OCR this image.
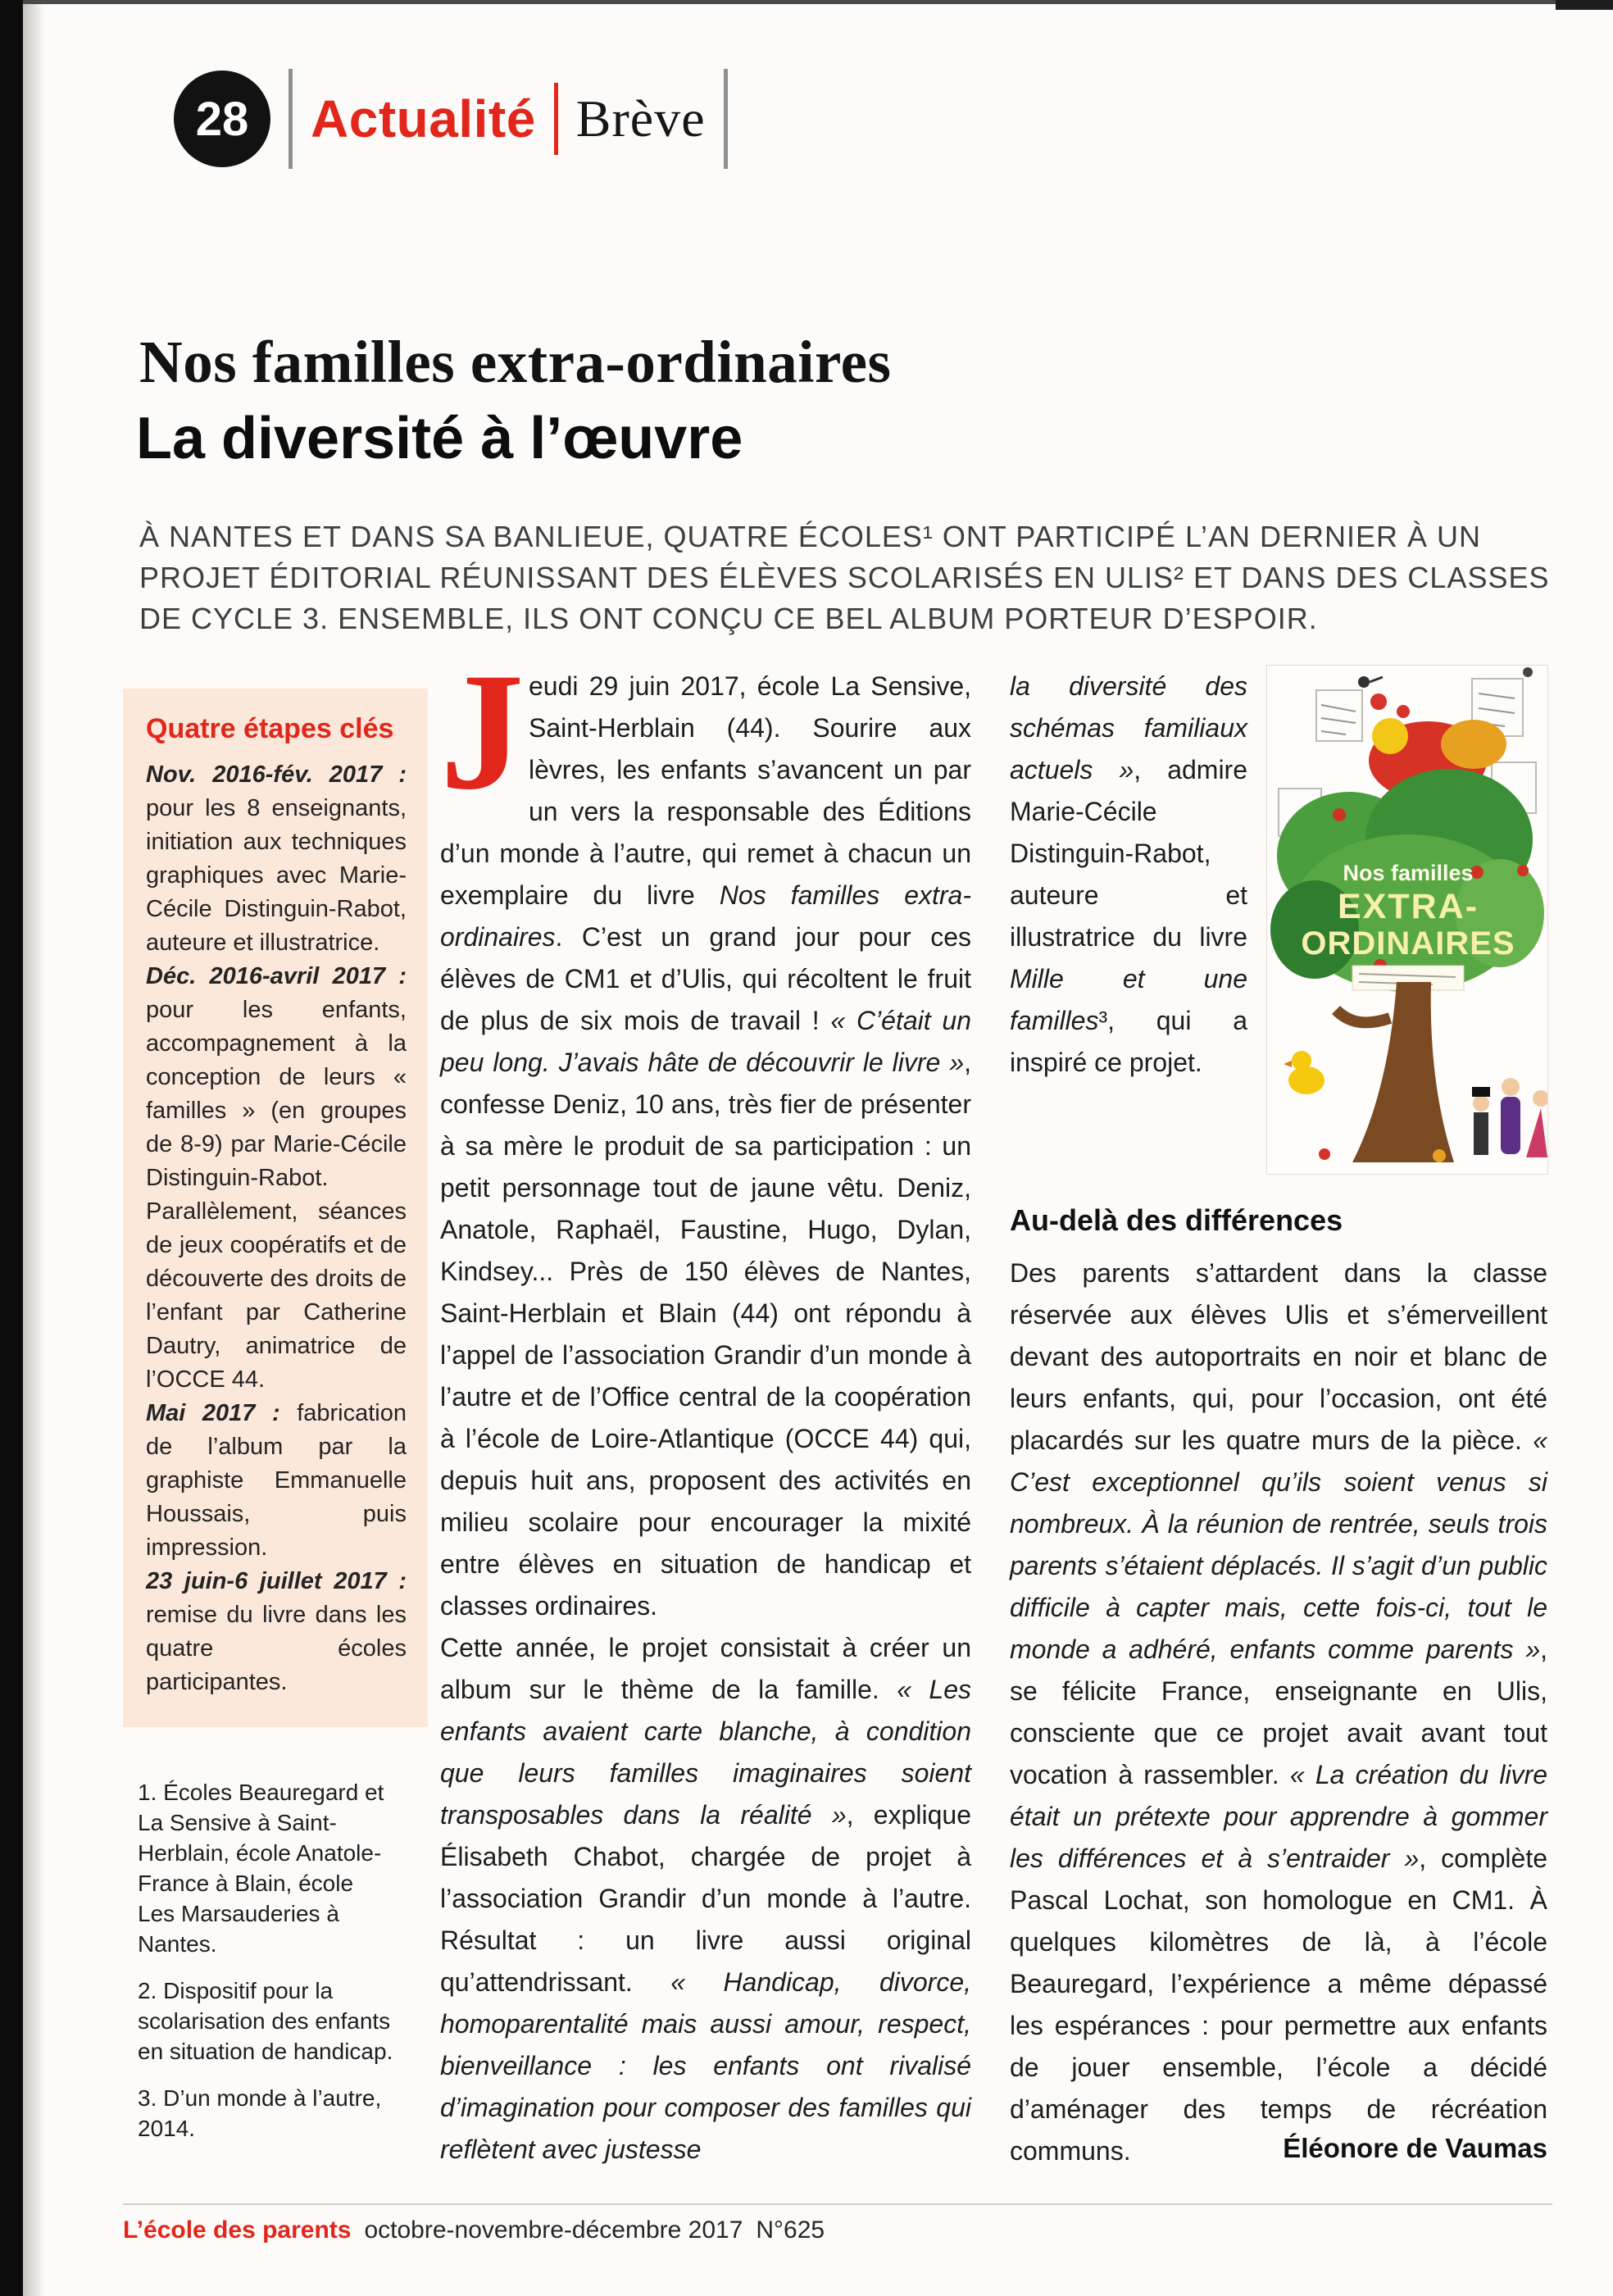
28 Actualité Brève
Nos familles extra-ordinaires
La diversité à l’œuvre

À NANTES ET DANS SA BANLIEUE, QUATRE ÉCOLES¹ ONT PARTICIPÉ L’AN DERNIER À UN PROJET ÉDITORIAL RÉUNISSANT DES ÉLÈVES SCOLARISÉS EN ULIS² ET DANS DES CLASSES DE CYCLE 3. ENSEMBLE, ILS ONT CONÇU CE BEL ALBUM PORTEUR D’ESPOIR.

Quatre étapes clés

Nov. 2016-fév. 2017 : pour les 8 enseignants, initiation aux techniques graphiques avec Marie-Cécile Distinguin-Rabot, auteure et illustratrice.

Déc. 2016-avril 2017 : pour les enfants, accompagnement à la conception de leurs « familles » (en groupes de 8-9) par Marie-Cécile Distinguin-Rabot. Parallèlement, séances de jeux coopératifs et de découverte des droits de l’enfant par Catherine Dautry, animatrice de l’OCCE 44.

Mai 2017 : fabrication de l’album par la graphiste Emmanuelle Houssais, puis impression.

23 juin-6 juillet 2017 : remise du livre dans les quatre écoles participantes.

1. Écoles Beauregard et La Sensive à Saint-Herblain, école Anatole-France à Blain, école Les Marsauderies à Nantes.

2. Dispositif pour la scolarisation des enfants en situation de handicap.

3. D’un monde à l’autre, 2014.

Jeudi 29 juin 2017, école La Sensive, Saint-Herblain (44). Sourire aux lèvres, les enfants s’avancent un par un vers la responsable des Éditions d’un monde à l’autre, qui remet à chacun un exemplaire du livre Nos familles extra-ordinaires. C’est un grand jour pour ces élèves de CM1 et d’Ulis, qui récoltent le fruit de plus de six mois de travail ! « C’était un peu long. J’avais hâte de découvrir le livre », confesse Deniz, 10 ans, très fier de présenter à sa mère le produit de sa participation : un petit personnage tout de jaune vêtu. Deniz, Anatole, Raphaël, Faustine, Hugo, Dylan, Kindsey... Près de 150 élèves de Nantes, Saint-Herblain et Blain (44) ont répondu à l’appel de l’association Grandir d’un monde à l’autre et de l’Office central de la coopération à l’école de Loire-Atlantique (OCCE 44) qui, depuis huit ans, proposent des activités en milieu scolaire pour encourager la mixité entre élèves en situation de handicap et classes ordinaires.

Cette année, le projet consistait à créer un album sur le thème de la famille. « Les enfants avaient carte blanche, à condition que leurs familles imaginaires soient transposables dans la réalité », explique Élisabeth Chabot, chargée de projet à l’association Grandir d’un monde à l’autre. Résultat : un livre aussi original qu’attendrissant. « Handicap, divorce, homoparentalité mais aussi amour, respect, bienveillance : les enfants ont rivalisé d’imagination pour composer des familles qui reflètent avec justesse

la diversité des schémas familiaux actuels », admire Marie-Cécile Distinguin-Rabot, auteure et illustratrice du livre Mille et une familles³, qui a inspiré ce projet.

Nos familles
EXTRA-
ORDINAIRES
Au-delà des différences

Des parents s’attardent dans la classe réservée aux élèves Ulis et s’émerveillent devant des autoportraits en noir et blanc de leurs enfants, qui, pour l’occasion, ont été placardés sur les quatre murs de la pièce. « C’est exceptionnel qu’ils soient venus si nombreux. À la réunion de rentrée, seuls trois parents s’étaient déplacés. Il s’agit d’un public difficile à capter mais, cette fois-ci, tout le monde a adhéré, enfants comme parents », se félicite France, enseignante en Ulis, consciente que ce projet avait avant tout vocation à rassembler. « La création du livre était un prétexte pour apprendre à gommer les différences et à s’entraider », complète Pascal Lochat, son homologue en CM1. À quelques kilomètres de là, à l’école Beauregard, l’expérience a même dépassé les espérances : pour permettre aux enfants de jouer ensemble, l’école a décidé d’aménager des temps de récréation communs.	Éléonore de Vaumas
L’école des parents octobre-novembre-décembre 2017 N°625
